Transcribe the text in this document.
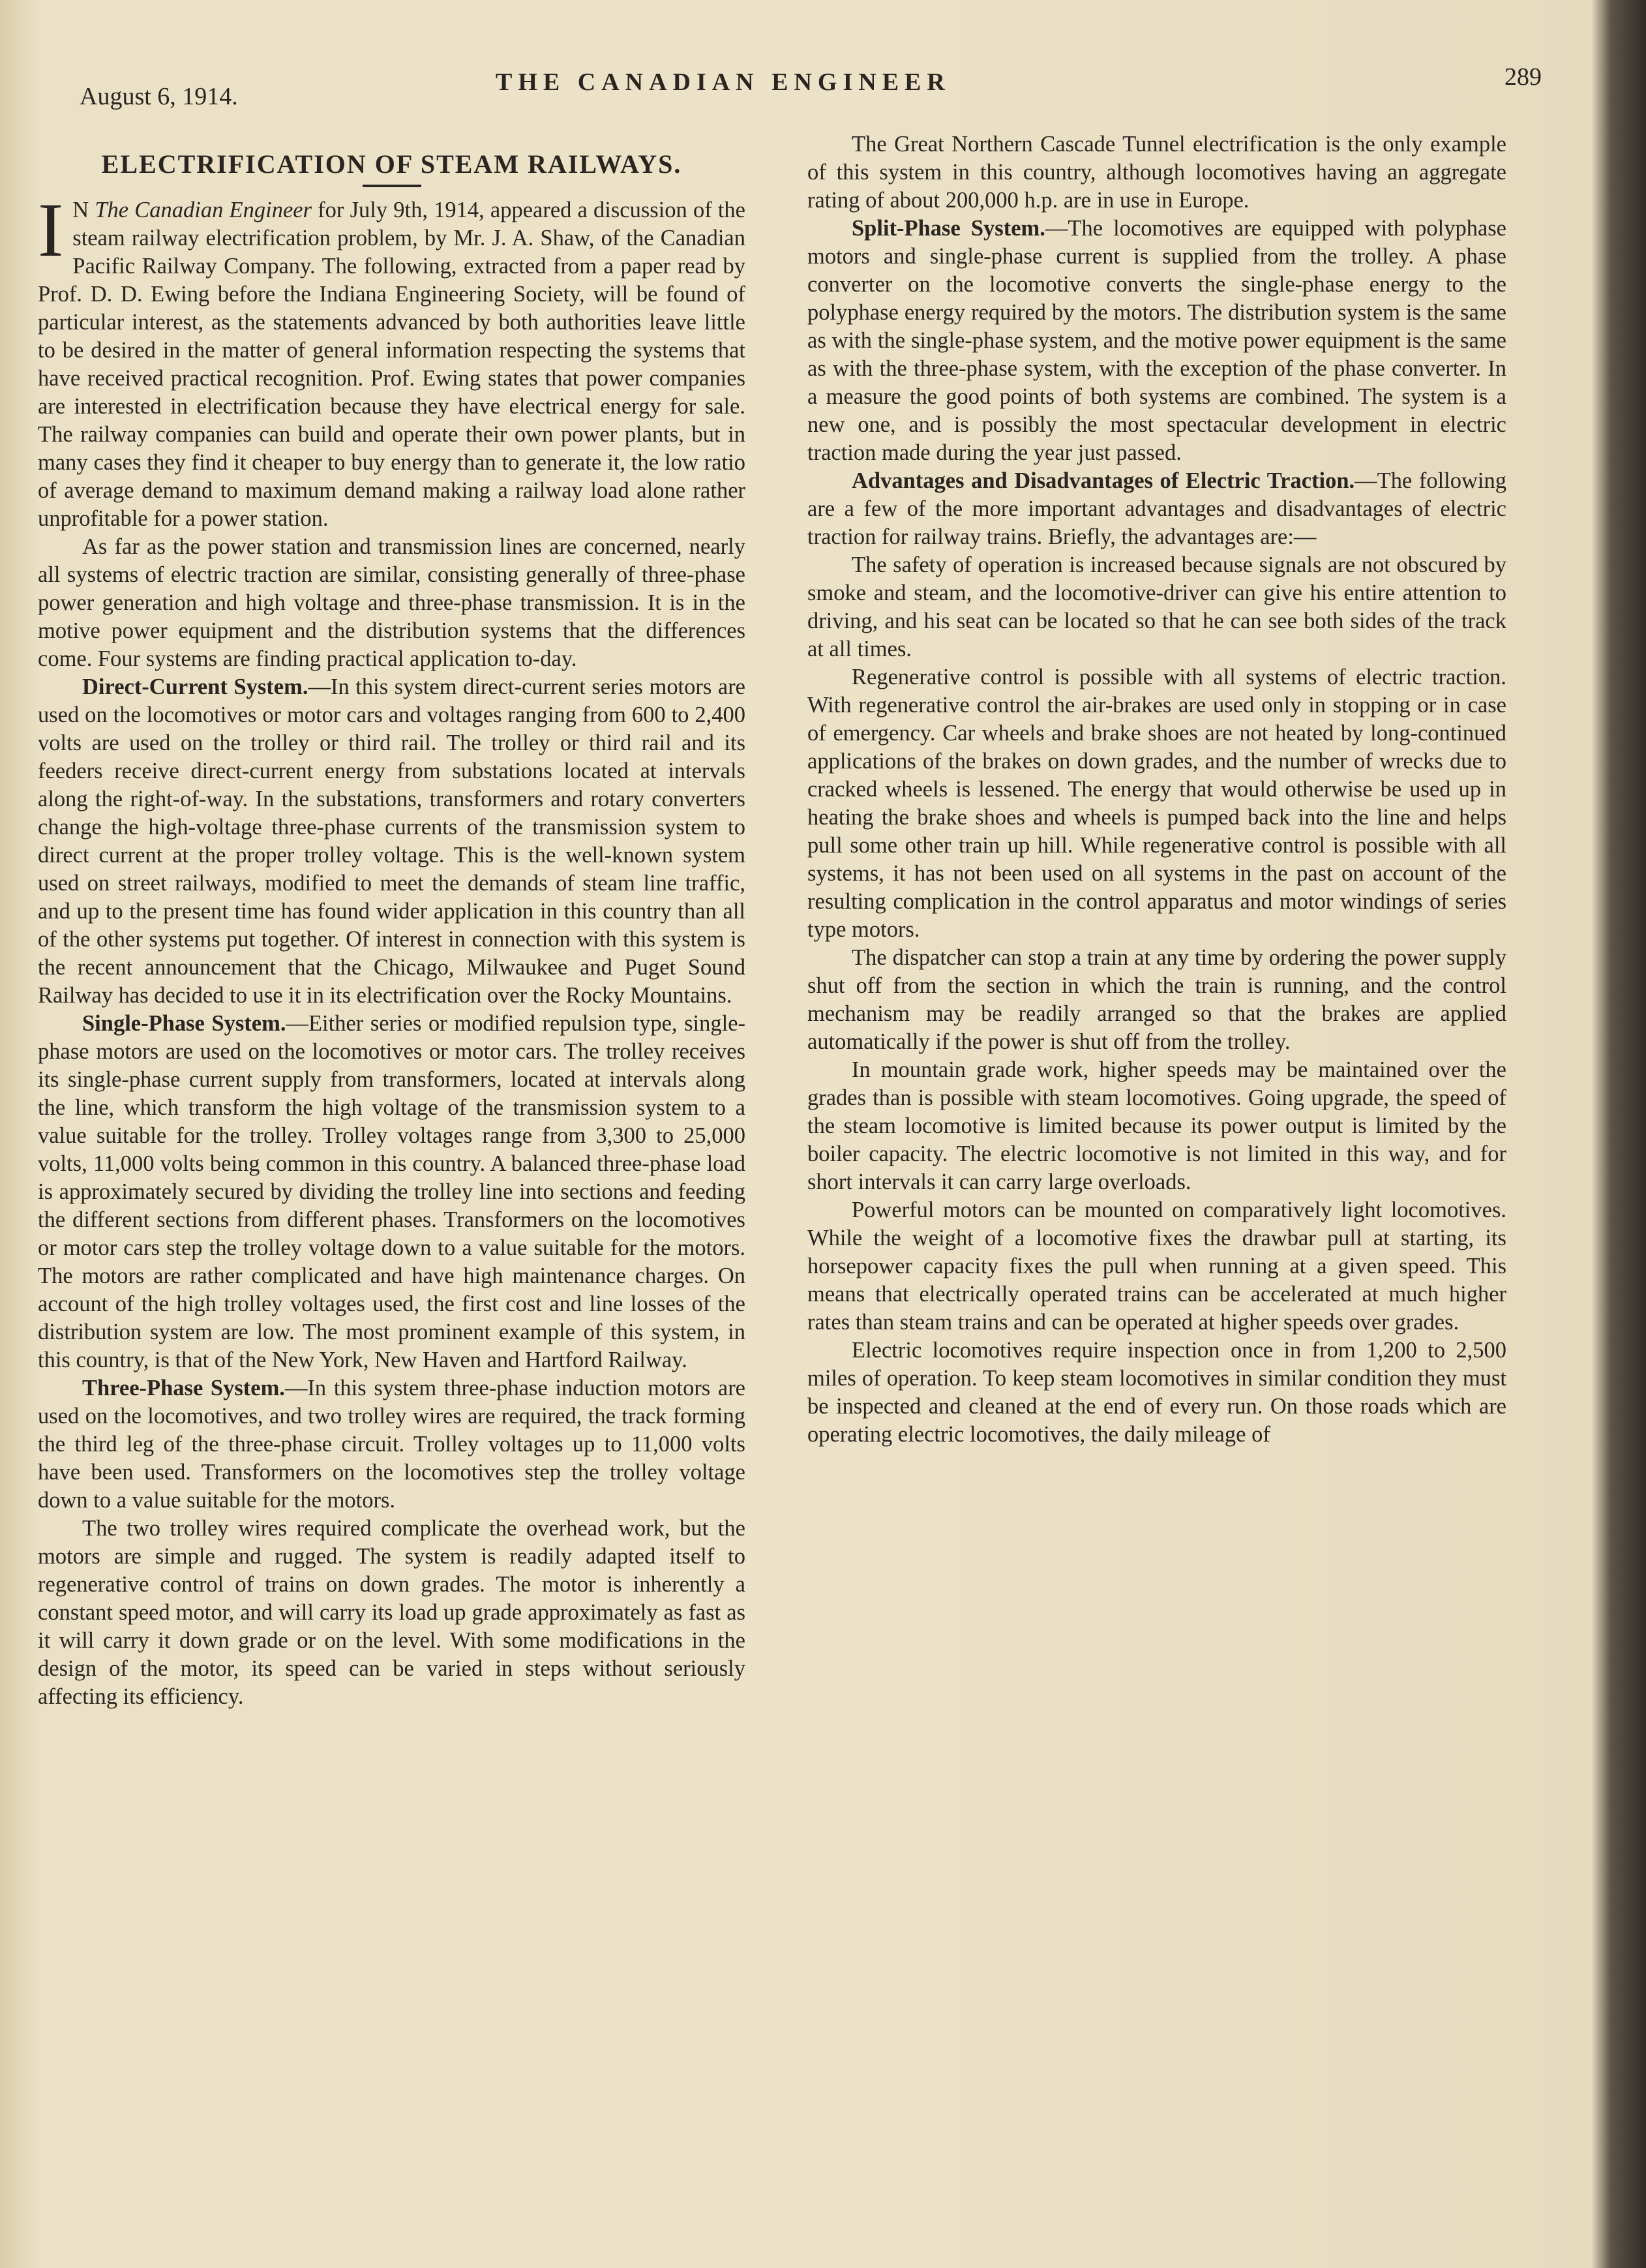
August 6, 1914.
THE CANADIAN ENGINEER	289
ELECTRIFICATION OF STEAM RAILWAYS.

I N The Canadian Engineer for July 9th, 1914, appeared a discussion of the steam railway electrification problem, by Mr. J. A. Shaw, of the Canadian Pacific Railway Company. The following, extracted from a paper read by Prof. D. D. Ewing before the Indiana Engineering Society, will be found of particular interest, as the statements advanced by both authorities leave little to be desired in the matter of general information respecting the systems that have received practical recognition. Prof. Ewing states that power companies are interested in electrification because they have electrical energy for sale. The railway companies can build and operate their own power plants, but in many cases they find it cheaper to buy energy than to generate it, the low ratio of average demand to maximum demand making a railway load alone rather unprofitable for a power station.

As far as the power station and transmission lines are concerned, nearly all systems of electric traction are similar, consisting generally of three-phase power generation and high voltage and three-phase transmission. It is in the motive power equipment and the distribution systems that the differences come. Four systems are finding practical application to-day.

Direct-Current System.—In this system direct-current series motors are used on the locomotives or motor cars and voltages ranging from 600 to 2,400 volts are used on the trolley or third rail. The trolley or third rail and its feeders receive direct-current energy from substations located at intervals along the right-of-way. In the substations, transformers and rotary converters change the high-voltage three-phase currents of the transmission system to direct current at the proper trolley voltage. This is the well-known system used on street railways, modified to meet the demands of steam line traffic, and up to the present time has found wider application in this country than all of the other systems put together. Of interest in connection with this system is the recent announcement that the Chicago, Milwaukee and Puget Sound Railway has decided to use it in its electrification over the Rocky Mountains.

Single-Phase System.—Either series or modified repulsion type, single-phase motors are used on the locomotives or motor cars. The trolley receives its single-phase current supply from transformers, located at intervals along the line, which transform the high voltage of the transmission system to a value suitable for the trolley. Trolley voltages range from 3,300 to 25,000 volts, 11,000 volts being common in this country. A balanced three-phase load is approximately secured by dividing the trolley line into sections and feeding the different sections from different phases. Transformers on the locomotives or motor cars step the trolley voltage down to a value suitable for the motors. The motors are rather complicated and have high maintenance charges. On account of the high trolley voltages used, the first cost and line losses of the distribution system are low. The most prominent example of this system, in this country, is that of the New York, New Haven and Hartford Railway.

Three-Phase System.—In this system three-phase induction motors are used on the locomotives, and two trolley wires are required, the track forming the third leg of the three-phase circuit. Trolley voltages up to 11,000 volts have been used. Transformers on the locomotives step the trolley voltage down to a value suitable for the motors.

The two trolley wires required complicate the overhead work, but the motors are simple and rugged. The system is readily adapted itself to regenerative control of trains on down grades. The motor is inherently a constant speed motor, and will carry its load up grade approximately as fast as it will carry it down grade or on the level. With some modifications in the design of the motor, its speed can be varied in steps without seriously affecting its efficiency.

The Great Northern Cascade Tunnel electrification is the only example of this system in this country, although locomotives having an aggregate rating of about 200,000 h.p. are in use in Europe.

Split-Phase System.—The locomotives are equipped with polyphase motors and single-phase current is supplied from the trolley. A phase converter on the locomotive converts the single-phase energy to the polyphase energy required by the motors. The distribution system is the same as with the single-phase system, and the motive power equipment is the same as with the three-phase system, with the exception of the phase converter. In a measure the good points of both systems are combined. The system is a new one, and is possibly the most spectacular development in electric traction made during the year just passed.

Advantages and Disadvantages of Electric Traction.—The following are a few of the more important advantages and disadvantages of electric traction for railway trains. Briefly, the advantages are:—

The safety of operation is increased because signals are not obscured by smoke and steam, and the locomotive-driver can give his entire attention to driving, and his seat can be located so that he can see both sides of the track at all times.

Regenerative control is possible with all systems of electric traction. With regenerative control the air-brakes are used only in stopping or in case of emergency. Car wheels and brake shoes are not heated by long-continued applications of the brakes on down grades, and the number of wrecks due to cracked wheels is lessened. The energy that would otherwise be used up in heating the brake shoes and wheels is pumped back into the line and helps pull some other train up hill. While regenerative control is possible with all systems, it has not been used on all systems in the past on account of the resulting complication in the control apparatus and motor windings of series type motors.

The dispatcher can stop a train at any time by ordering the power supply shut off from the section in which the train is running, and the control mechanism may be readily arranged so that the brakes are applied automatically if the power is shut off from the trolley.

In mountain grade work, higher speeds may be maintained over the grades than is possible with steam locomotives. Going upgrade, the speed of the steam locomotive is limited because its power output is limited by the boiler capacity. The electric locomotive is not limited in this way, and for short intervals it can carry large overloads.

Powerful motors can be mounted on comparatively light locomotives. While the weight of a locomotive fixes the drawbar pull at starting, its horsepower capacity fixes the pull when running at a given speed. This means that electrically operated trains can be accelerated at much higher rates than steam trains and can be operated at higher speeds over grades.

Electric locomotives require inspection once in from 1,200 to 2,500 miles of operation. To keep steam locomotives in similar condition they must be inspected and cleaned at the end of every run. On those roads which are operating electric locomotives, the daily mileage of
